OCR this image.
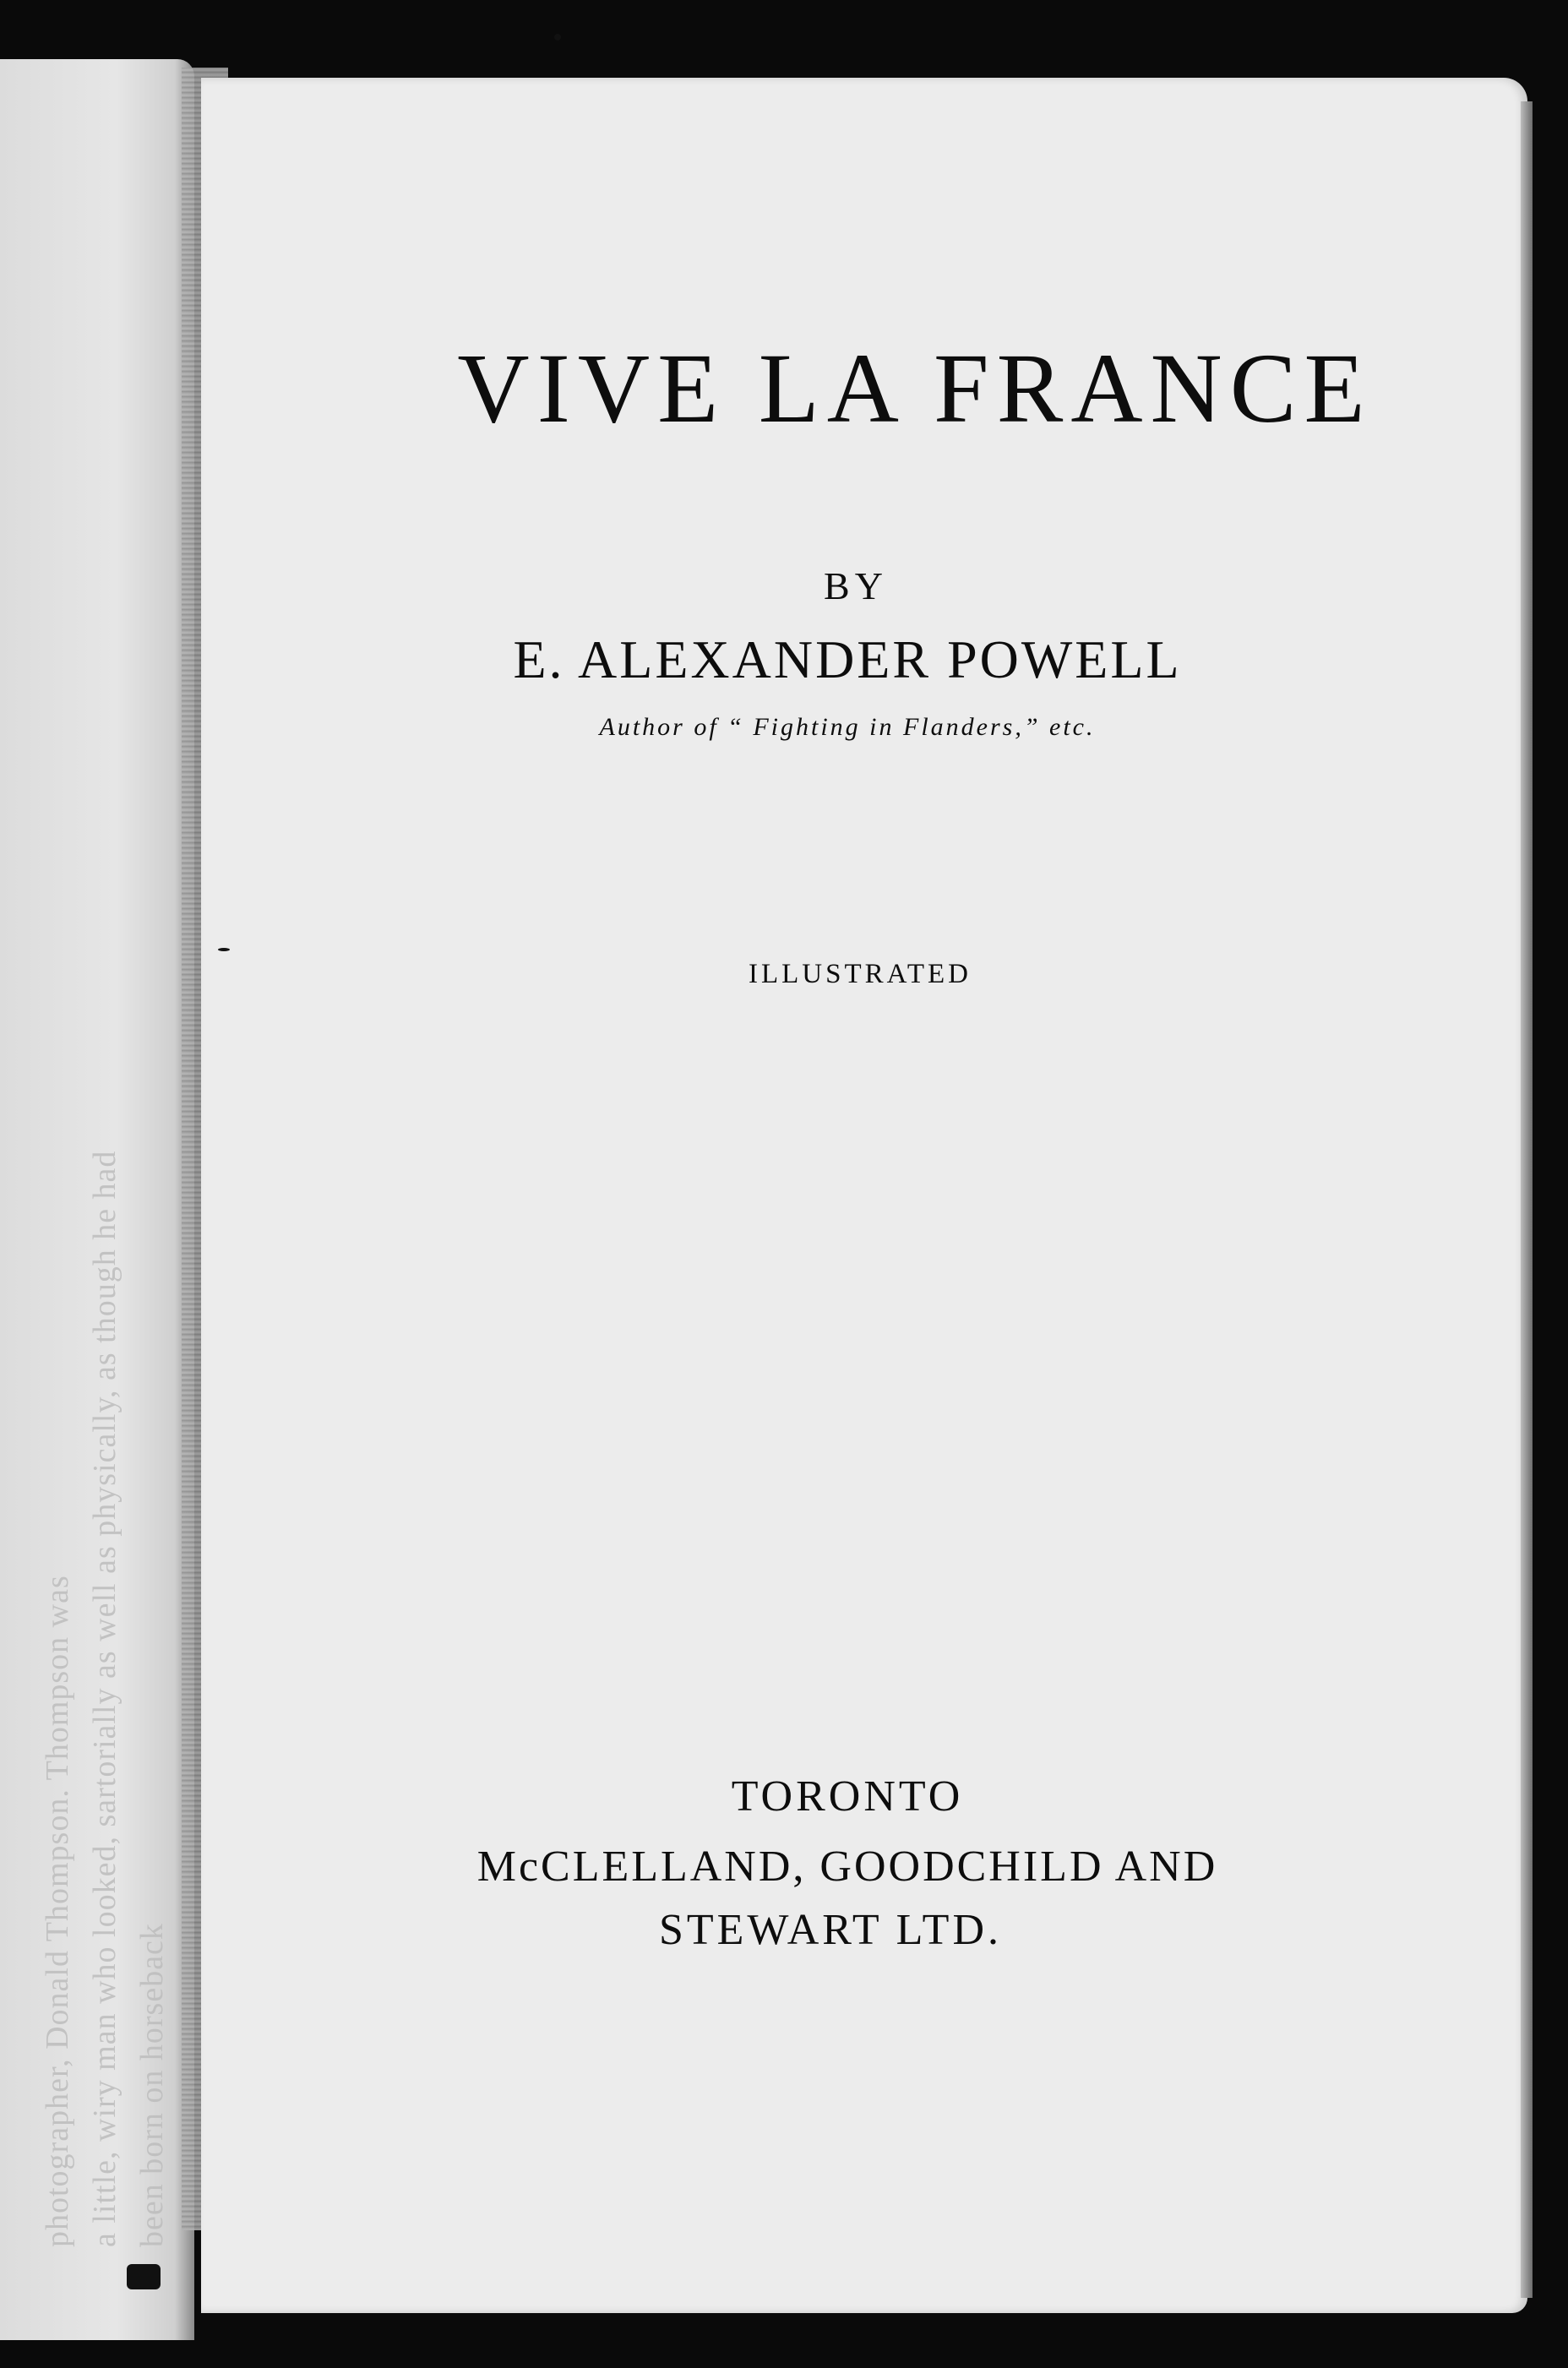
photographer, Donald Thompson. Thompson was a little, wiry man who looked, sartorially as well as physically, as though he had been born on horseback
VIVE LA FRANCE
BY
E. ALEXANDER POWELL
Author of “ Fighting in Flanders,” etc.
ILLUSTRATED
TORONTO
McCLELLAND, GOODCHILD AND
STEWART LTD.
